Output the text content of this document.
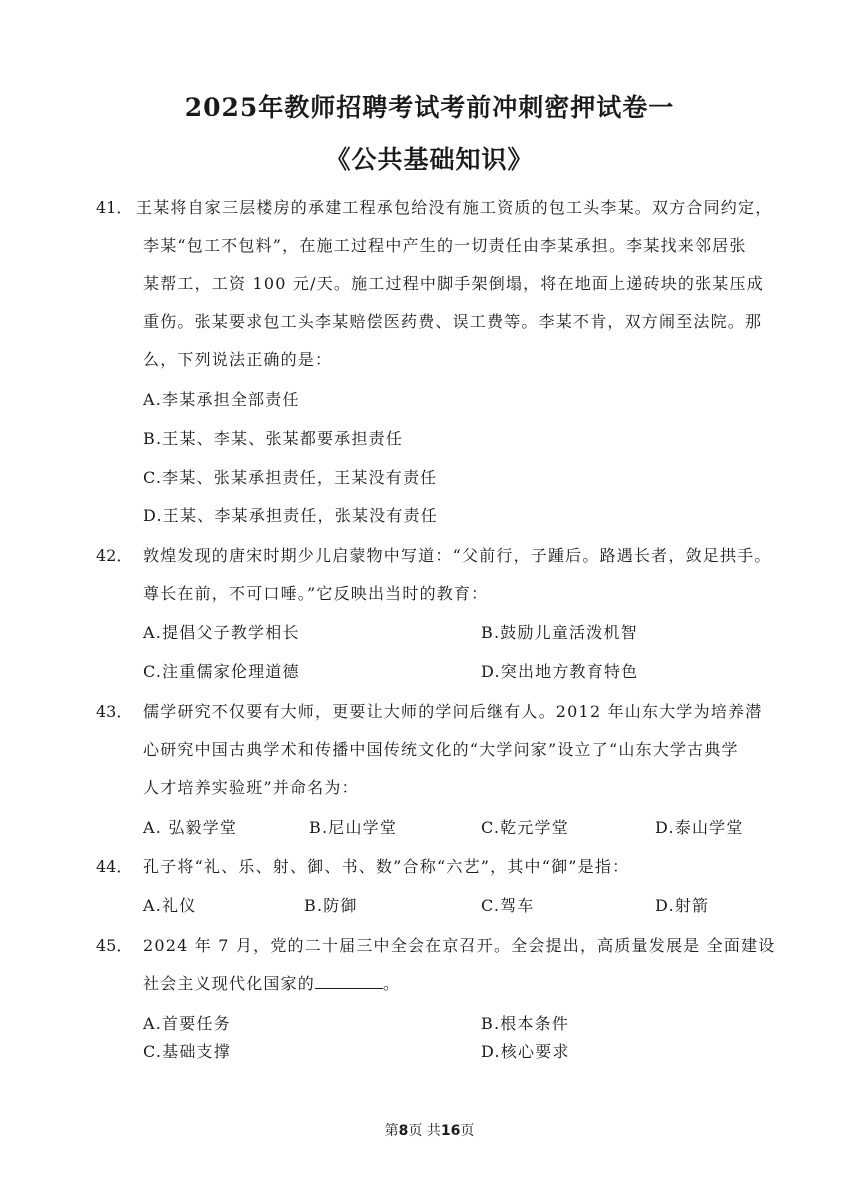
2025年教师招聘考试考前冲刺密押试卷一
《公共基础知识》
41． 王某将自家三层楼房的承建工程承包给没有施工资质的包工头李某。双方合同约定，
李某“包工不包料”，在施工过程中产生的一切责任由李某承担。李某找来邻居张
某帮工，工资 100 元/天。施工过程中脚手架倒塌，将在地面上递砖块的张某压成
重伤。张某要求包工头李某赔偿医药费、误工费等。李某不肯，双方闹至法院。那
么，下列说法正确的是：
A.李某承担全部责任
B.王某、李某、张某都要承担责任
C.李某、张某承担责任，王某没有责任
D.王某、李某承担责任，张某没有责任
42． 敦煌发现的唐宋时期少儿启蒙物中写道：“父前行，子踵后。路遇长者，敛足拱手。
尊长在前，不可口唾。”它反映出当时的教育：
A.提倡父子教学相长	B.鼓励儿童活泼机智
C.注重儒家伦理道德	D.突出地方教育特色
43． 儒学研究不仅要有大师，更要让大师的学问后继有人。2012 年山东大学为培养潜
心研究中国古典学术和传播中国传统文化的“大学问家”设立了“山东大学古典学
人才培养实验班”并命名为：
A. 弘毅学堂	B.尼山学堂	C.乾元学堂	D.泰山学堂
44． 孔子将“礼、乐、射、御、书、数”合称“六艺”，其中“御”是指：
A.礼仪	B.防御	C.驾车	D.射箭
45． 2024 年 7 月，党的二十届三中全会在京召开。全会提出，高质量发展是 全面建设
社会主义现代化国家的	。
A.首要任务	B.根本条件
C.基础支撑	D.核心要求
第8页 共16页
